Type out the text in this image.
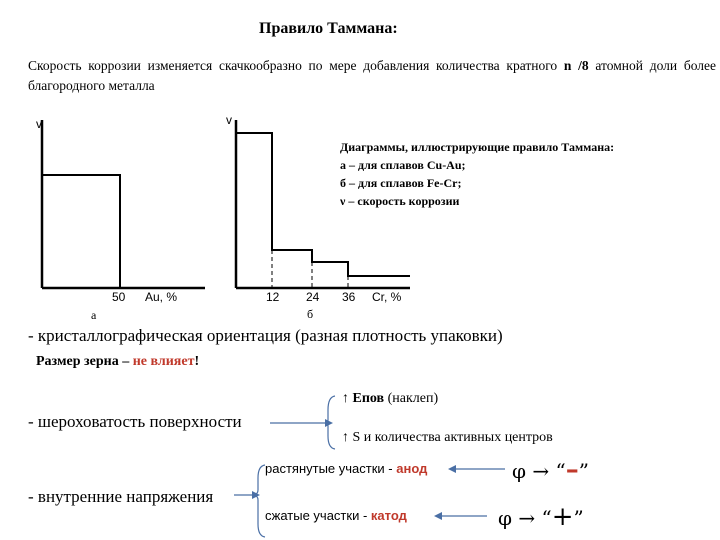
Правило Таммана:
Скорость коррозии изменяется скачкообразно по мере добавления количества кратного n /8 атомной доли более благородного металла
v
50 Au, %
а
v
12 24 36 Cr, %
б
Диаграммы, иллюстрирующие правило Таммана:
а – для сплавов Cu-Au;
б – для сплавов Fe-Cr;
ν – скорость коррозии
- кристаллографическая ориентация (разная плотность упаковки)
Размер зерна – не влияет!
↑ Eпов (наклеп)
- шероховатость поверхности
↑ S и количества активных центров
растянутые участки - анод	φ → “–”
- внутренние напряжения
сжатые участки - катод	φ → “+”
